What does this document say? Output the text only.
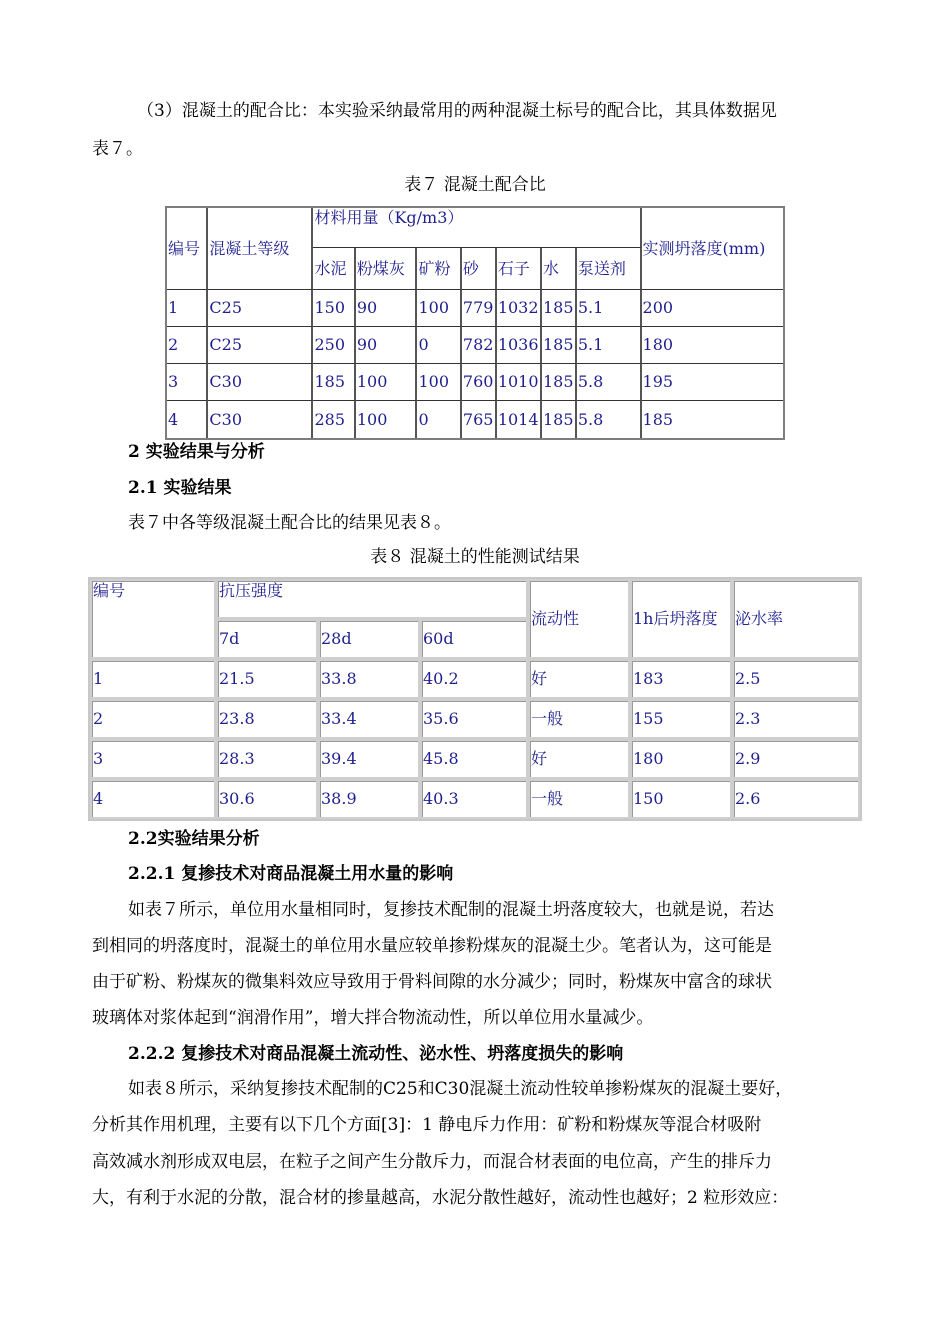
（3）混凝土的配合比：本实验采纳最常用的两种混凝土标号的配合比，其具体数据见
表７。
表７ 混凝土配合比
编号	混凝土等级	材料用量（Kg/m3）							实测坍落度(mm)
		水泥	粉煤灰	矿粉	砂	石子	水	泵送剂	
1	C25	150	90	100	779	1032	185	5.1	200
2	C25	250	90	0	782	1036	185	5.1	180
3	C30	185	100	100	760	1010	185	5.8	195
4	C30	285	100	0	765	1014	185	5.8	185
2 实验结果与分析
2.1 实验结果
表７中各等级混凝土配合比的结果见表８。
表８ 混凝土的性能测试结果
编号	抗压强度			流动性	1h后坍落度	泌水率
	7d	28d	60d			
1	21.5	33.8	40.2	好	183	2.5
2	23.8	33.4	35.6	一般	155	2.3
3	28.3	39.4	45.8	好	180	2.9
4	30.6	38.9	40.3	一般	150	2.6
2.2实验结果分析
2.2.1 复掺技术对商品混凝土用水量的影响
如表７所示，单位用水量相同时，复掺技术配制的混凝土坍落度较大，也就是说，若达
到相同的坍落度时，混凝土的单位用水量应较单掺粉煤灰的混凝土少。笔者认为，这可能是
由于矿粉、粉煤灰的微集料效应导致用于骨料间隙的水分减少；同时，粉煤灰中富含的球状
玻璃体对浆体起到“润滑作用”，增大拌合物流动性，所以单位用水量减少。
2.2.2 复掺技术对商品混凝土流动性、泌水性、坍落度损失的影响
如表８所示，采纳复掺技术配制的C25和C30混凝土流动性较单掺粉煤灰的混凝土要好，
分析其作用机理，主要有以下几个方面[3]：1 静电斥力作用：矿粉和粉煤灰等混合材吸附
高效减水剂形成双电层，在粒子之间产生分散斥力，而混合材表面的电位高，产生的排斥力
大，有利于水泥的分散，混合材的掺量越高，水泥分散性越好，流动性也越好；2 粒形效应：
